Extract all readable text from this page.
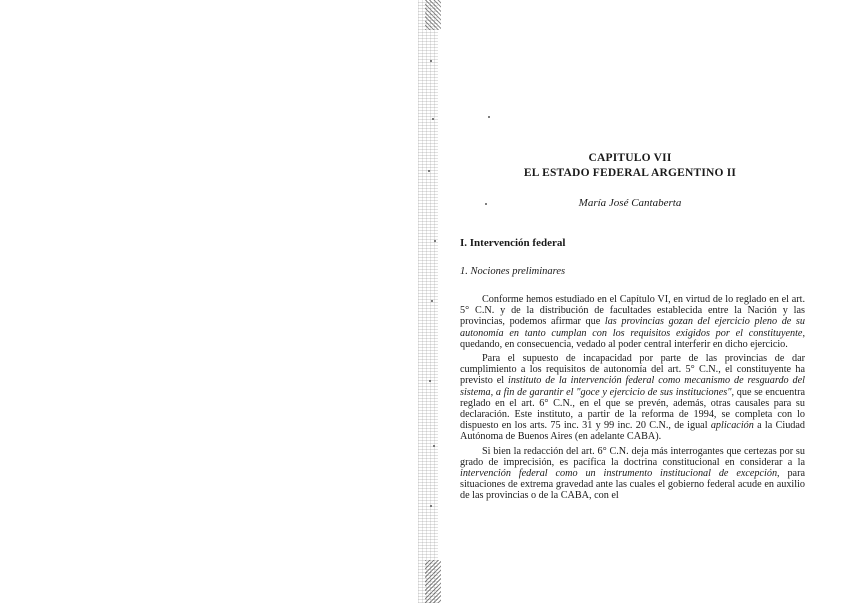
CAPITULO VII
EL ESTADO FEDERAL ARGENTINO II
María José Cantaberta
I. Intervención federal
1. Nociones preliminares

Conforme hemos estudiado en el Capítulo VI, en virtud de lo reglado en el art. 5° C.N. y de la distribución de facultades establecida entre la Nación y las provincias, podemos afirmar que las provincias gozan del ejercicio pleno de su autonomía en tanto cumplan con los requisitos exigidos por el constituyente, quedando, en consecuencia, vedado al poder central interferir en dicho ejercicio.

Para el supuesto de incapacidad por parte de las provincias de dar cumplimiento a los requisitos de autonomía del art. 5° C.N., el constituyente ha previsto el instituto de la intervención federal como mecanismo de resguardo del sistema, a fin de garantir el "goce y ejercicio de sus instituciones", que se encuentra reglado en el art. 6° C.N., en el que se prevén, además, otras causales para su declaración. Este instituto, a partir de la reforma de 1994, se completa con lo dispuesto en los arts. 75 inc. 31 y 99 inc. 20 C.N., de igual aplicación a la Ciudad Autónoma de Buenos Aires (en adelante CABA).

Si bien la redacción del art. 6° C.N. deja más interrogantes que certezas por su grado de imprecisión, es pacífica la doctrina constitucional en considerar a la intervención federal como un instrumento institucional de excepción, para situaciones de extrema gravedad ante las cuales el gobierno federal acude en auxilio de las provincias o de la CABA, con el
